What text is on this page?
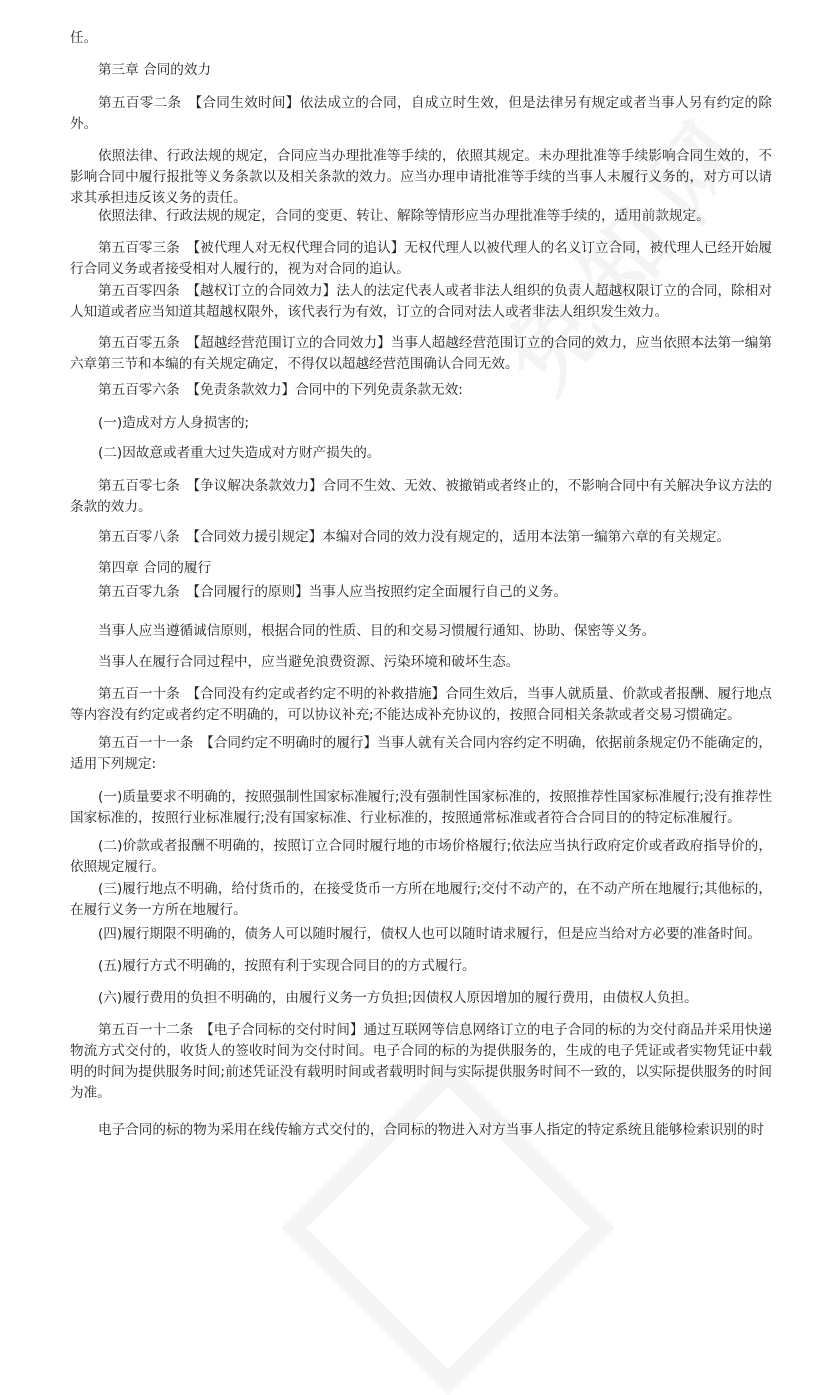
任。
第三章 合同的效力
第五百零二条　【合同生效时间】依法成立的合同，自成立时生效，但是法律另有规定或者当事人另有约定的除外。
依照法律、行政法规的规定，合同应当办理批准等手续的，依照其规定。未办理批准等手续影响合同生效的，不影响合同中履行报批等义务条款以及相关条款的效力。应当办理申请批准等手续的当事人未履行义务的，对方可以请求其承担违反该义务的责任。
依照法律、行政法规的规定，合同的变更、转让、解除等情形应当办理批准等手续的，适用前款规定。
第五百零三条　【被代理人对无权代理合同的追认】无权代理人以被代理人的名义订立合同，被代理人已经开始履行合同义务或者接受相对人履行的，视为对合同的追认。
第五百零四条　【越权订立的合同效力】法人的法定代表人或者非法人组织的负责人超越权限订立的合同，除相对人知道或者应当知道其超越权限外，该代表行为有效，订立的合同对法人或者非法人组织发生效力。
第五百零五条　【超越经营范围订立的合同效力】当事人超越经营范围订立的合同的效力，应当依照本法第一编第六章第三节和本编的有关规定确定，不得仅以超越经营范围确认合同无效。
第五百零六条　【免责条款效力】合同中的下列免责条款无效:
(一)造成对方人身损害的;
(二)因故意或者重大过失造成对方财产损失的。
第五百零七条　【争议解决条款效力】合同不生效、无效、被撤销或者终止的，不影响合同中有关解决争议方法的条款的效力。
第五百零八条　【合同效力援引规定】本编对合同的效力没有规定的，适用本法第一编第六章的有关规定。
第四章 合同的履行
第五百零九条　【合同履行的原则】当事人应当按照约定全面履行自己的义务。
当事人应当遵循诚信原则，根据合同的性质、目的和交易习惯履行通知、协助、保密等义务。
当事人在履行合同过程中，应当避免浪费资源、污染环境和破坏生态。
第五百一十条　【合同没有约定或者约定不明的补救措施】合同生效后，当事人就质量、价款或者报酬、履行地点等内容没有约定或者约定不明确的，可以协议补充;不能达成补充协议的，按照合同相关条款或者交易习惯确定。
第五百一十一条　【合同约定不明确时的履行】当事人就有关合同内容约定不明确，依据前条规定仍不能确定的，适用下列规定:
(一)质量要求不明确的，按照强制性国家标准履行;没有强制性国家标准的，按照推荐性国家标准履行;没有推荐性国家标准的，按照行业标准履行;没有国家标准、行业标准的，按照通常标准或者符合合同目的的特定标准履行。
(二)价款或者报酬不明确的，按照订立合同时履行地的市场价格履行;依法应当执行政府定价或者政府指导价的，依照规定履行。
(三)履行地点不明确，给付货币的，在接受货币一方所在地履行;交付不动产的，在不动产所在地履行;其他标的，在履行义务一方所在地履行。
(四)履行期限不明确的，债务人可以随时履行，债权人也可以随时请求履行，但是应当给对方必要的准备时间。
(五)履行方式不明确的，按照有利于实现合同目的的方式履行。
(六)履行费用的负担不明确的，由履行义务一方负担;因债权人原因增加的履行费用，由债权人负担。
第五百一十二条　【电子合同标的交付时间】通过互联网等信息网络订立的电子合同的标的为交付商品并采用快递物流方式交付的，收货人的签收时间为交付时间。电子合同的标的为提供服务的，生成的电子凭证或者实物凭证中载明的时间为提供服务时间;前述凭证没有载明时间或者载明时间与实际提供服务时间不一致的，以实际提供服务的时间为准。
电子合同的标的物为采用在线传输方式交付的，合同标的物进入对方当事人指定的特定系统且能够检索识别的时
